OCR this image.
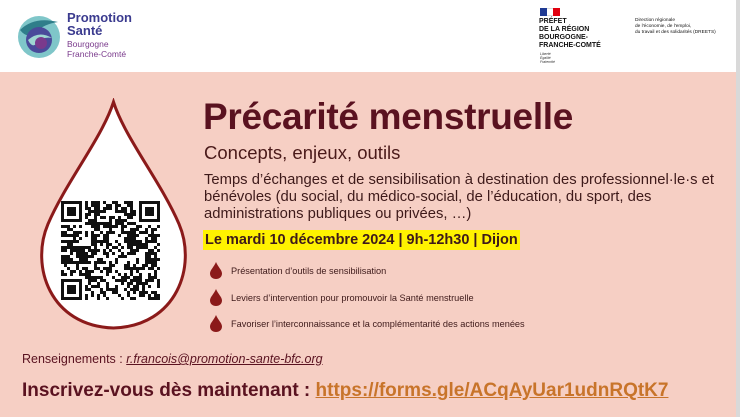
Promotion
Santé
Bourgogne
Franche-Comté
PRÉFET
DE LA RÉGION
BOURGOGNE-
FRANCHE-COMTÉ
Liberté
Égalité
Fraternité
Direction régionale
de l'économie, de l'emploi,
du travail et des solidarités (DREETS)
Précarité menstruelle
Concepts, enjeux, outils
Temps d’échanges et de sensibilisation à destination des professionnel·le·s et bénévoles (du social, du médico-social, de l’éducation, du sport, des administrations publiques ou privées, …)
Le mardi 10 décembre 2024 | 9h-12h30 | Dijon
Présentation d’outils de sensibilisation
Leviers d’intervention pour promouvoir la Santé menstruelle
Favoriser l’interconnaissance et la complémentarité des actions menées
Renseignements : r.francois@promotion-sante-bfc.org
Inscrivez-vous dès maintenant : https://forms.gle/ACqAyUar1udnRQtK7
